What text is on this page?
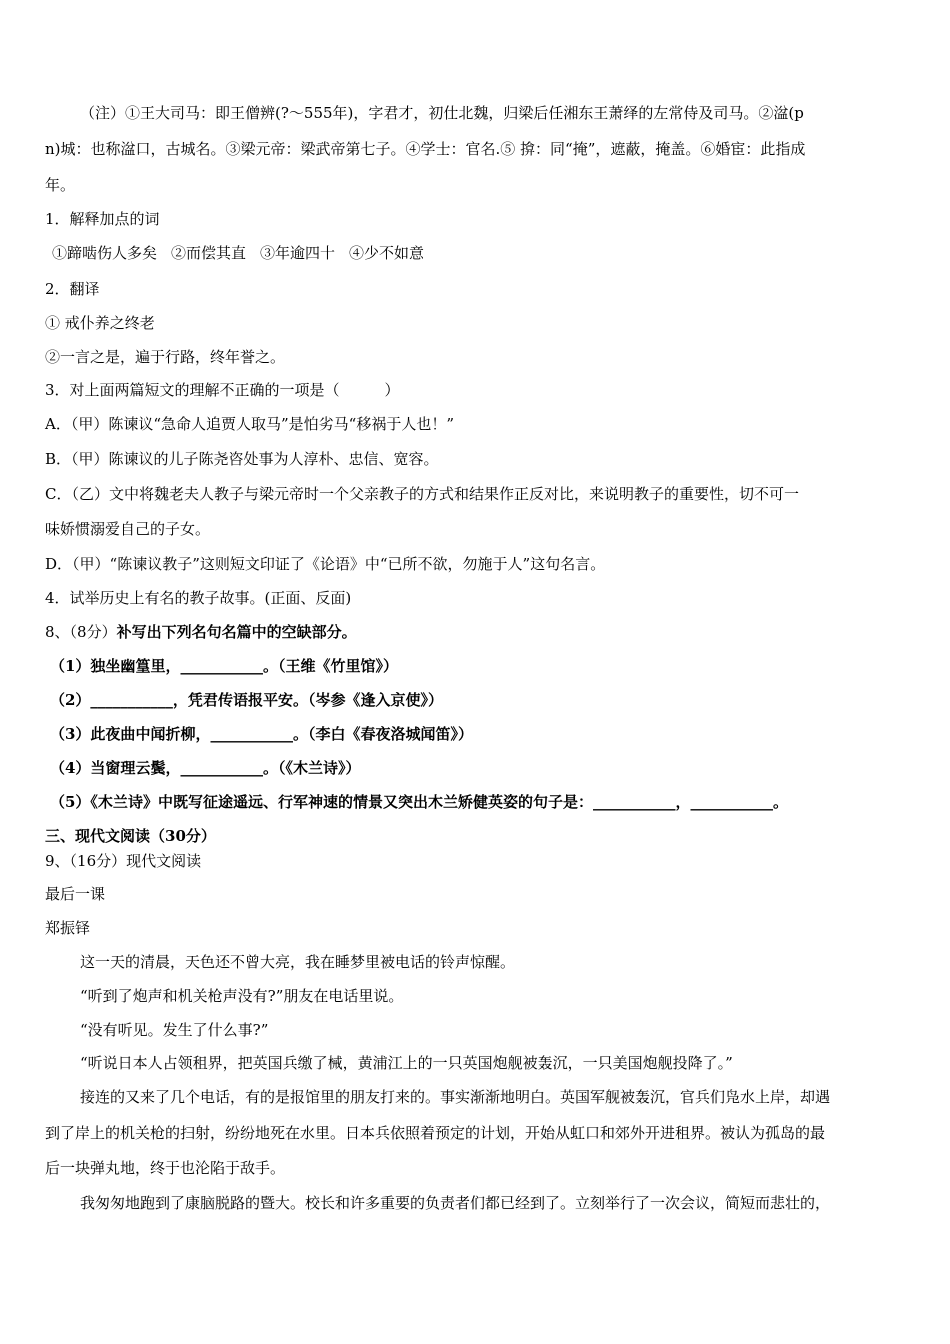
（注）①王大司马：即王僧辨(?～555年)，字君才，初仕北魏，归梁后任湘东王萧绎的左常侍及司马。②湓(p
n)城：也称湓口，古城名。③梁元帝：梁武帝第七子。④学士：官名.⑤ 揜：同“掩”，遮蔽，掩盖。⑥婚宦：此指成
年。
1．解释加点的词
①蹄啮伤人多矣 ②而偿其直 ③年逾四十 ④少不如意
2．翻译
① 戒仆养之终老
②一言之是，遍于行路，终年誉之。
3．对上面两篇短文的理解不正确的一项是（　　　）
A．（甲）陈谏议“急命人追贾人取马”是怕劣马“移祸于人也！”
B．（甲）陈谏议的儿子陈尧咨处事为人淳朴、忠信、宽容。
C．（乙）文中将魏老夫人教子与梁元帝时一个父亲教子的方式和结果作正反对比，来说明教子的重要性，切不可一
味娇惯溺爱自己的子女。
D．（甲）“陈谏议教子”这则短文印证了《论语》中“已所不欲，勿施于人”这句名言。
4．试举历史上有名的教子故事。(正面、反面)
8、（8分）补写出下列名句名篇中的空缺部分。
（1）独坐幽篁里，___________。（王维《竹里馆》）
（2）___________，凭君传语报平安。（岑参《逢入京使》）
（3）此夜曲中闻折柳，___________。（李白《春夜洛城闻笛》）
（4）当窗理云鬓，___________。（《木兰诗》）
（5）《木兰诗》中既写征途遥远、行军神速的情景又突出木兰矫健英姿的句子是：___________，___________。
三、现代文阅读（30分）
9、（16分）现代文阅读
最后一课
郑振铎
这一天的清晨，天色还不曾大亮，我在睡梦里被电话的铃声惊醒。
“听到了炮声和机关枪声没有?”朋友在电话里说。
“没有听见。发生了什么事?”
“听说日本人占领租界，把英国兵缴了械，黄浦江上的一只英国炮舰被轰沉，一只美国炮舰投降了。”
接连的又来了几个电话，有的是报馆里的朋友打来的。事实渐渐地明白。英国军舰被轰沉，官兵们凫水上岸，却遇
到了岸上的机关枪的扫射，纷纷地死在水里。日本兵依照着预定的计划，开始从虹口和郊外开进租界。被认为孤岛的最
后一块弹丸地，终于也沦陷于敌手。
我匆匆地跑到了康脑脱路的暨大。校长和许多重要的负责者们都已经到了。立刻举行了一次会议，简短而悲壮的，
